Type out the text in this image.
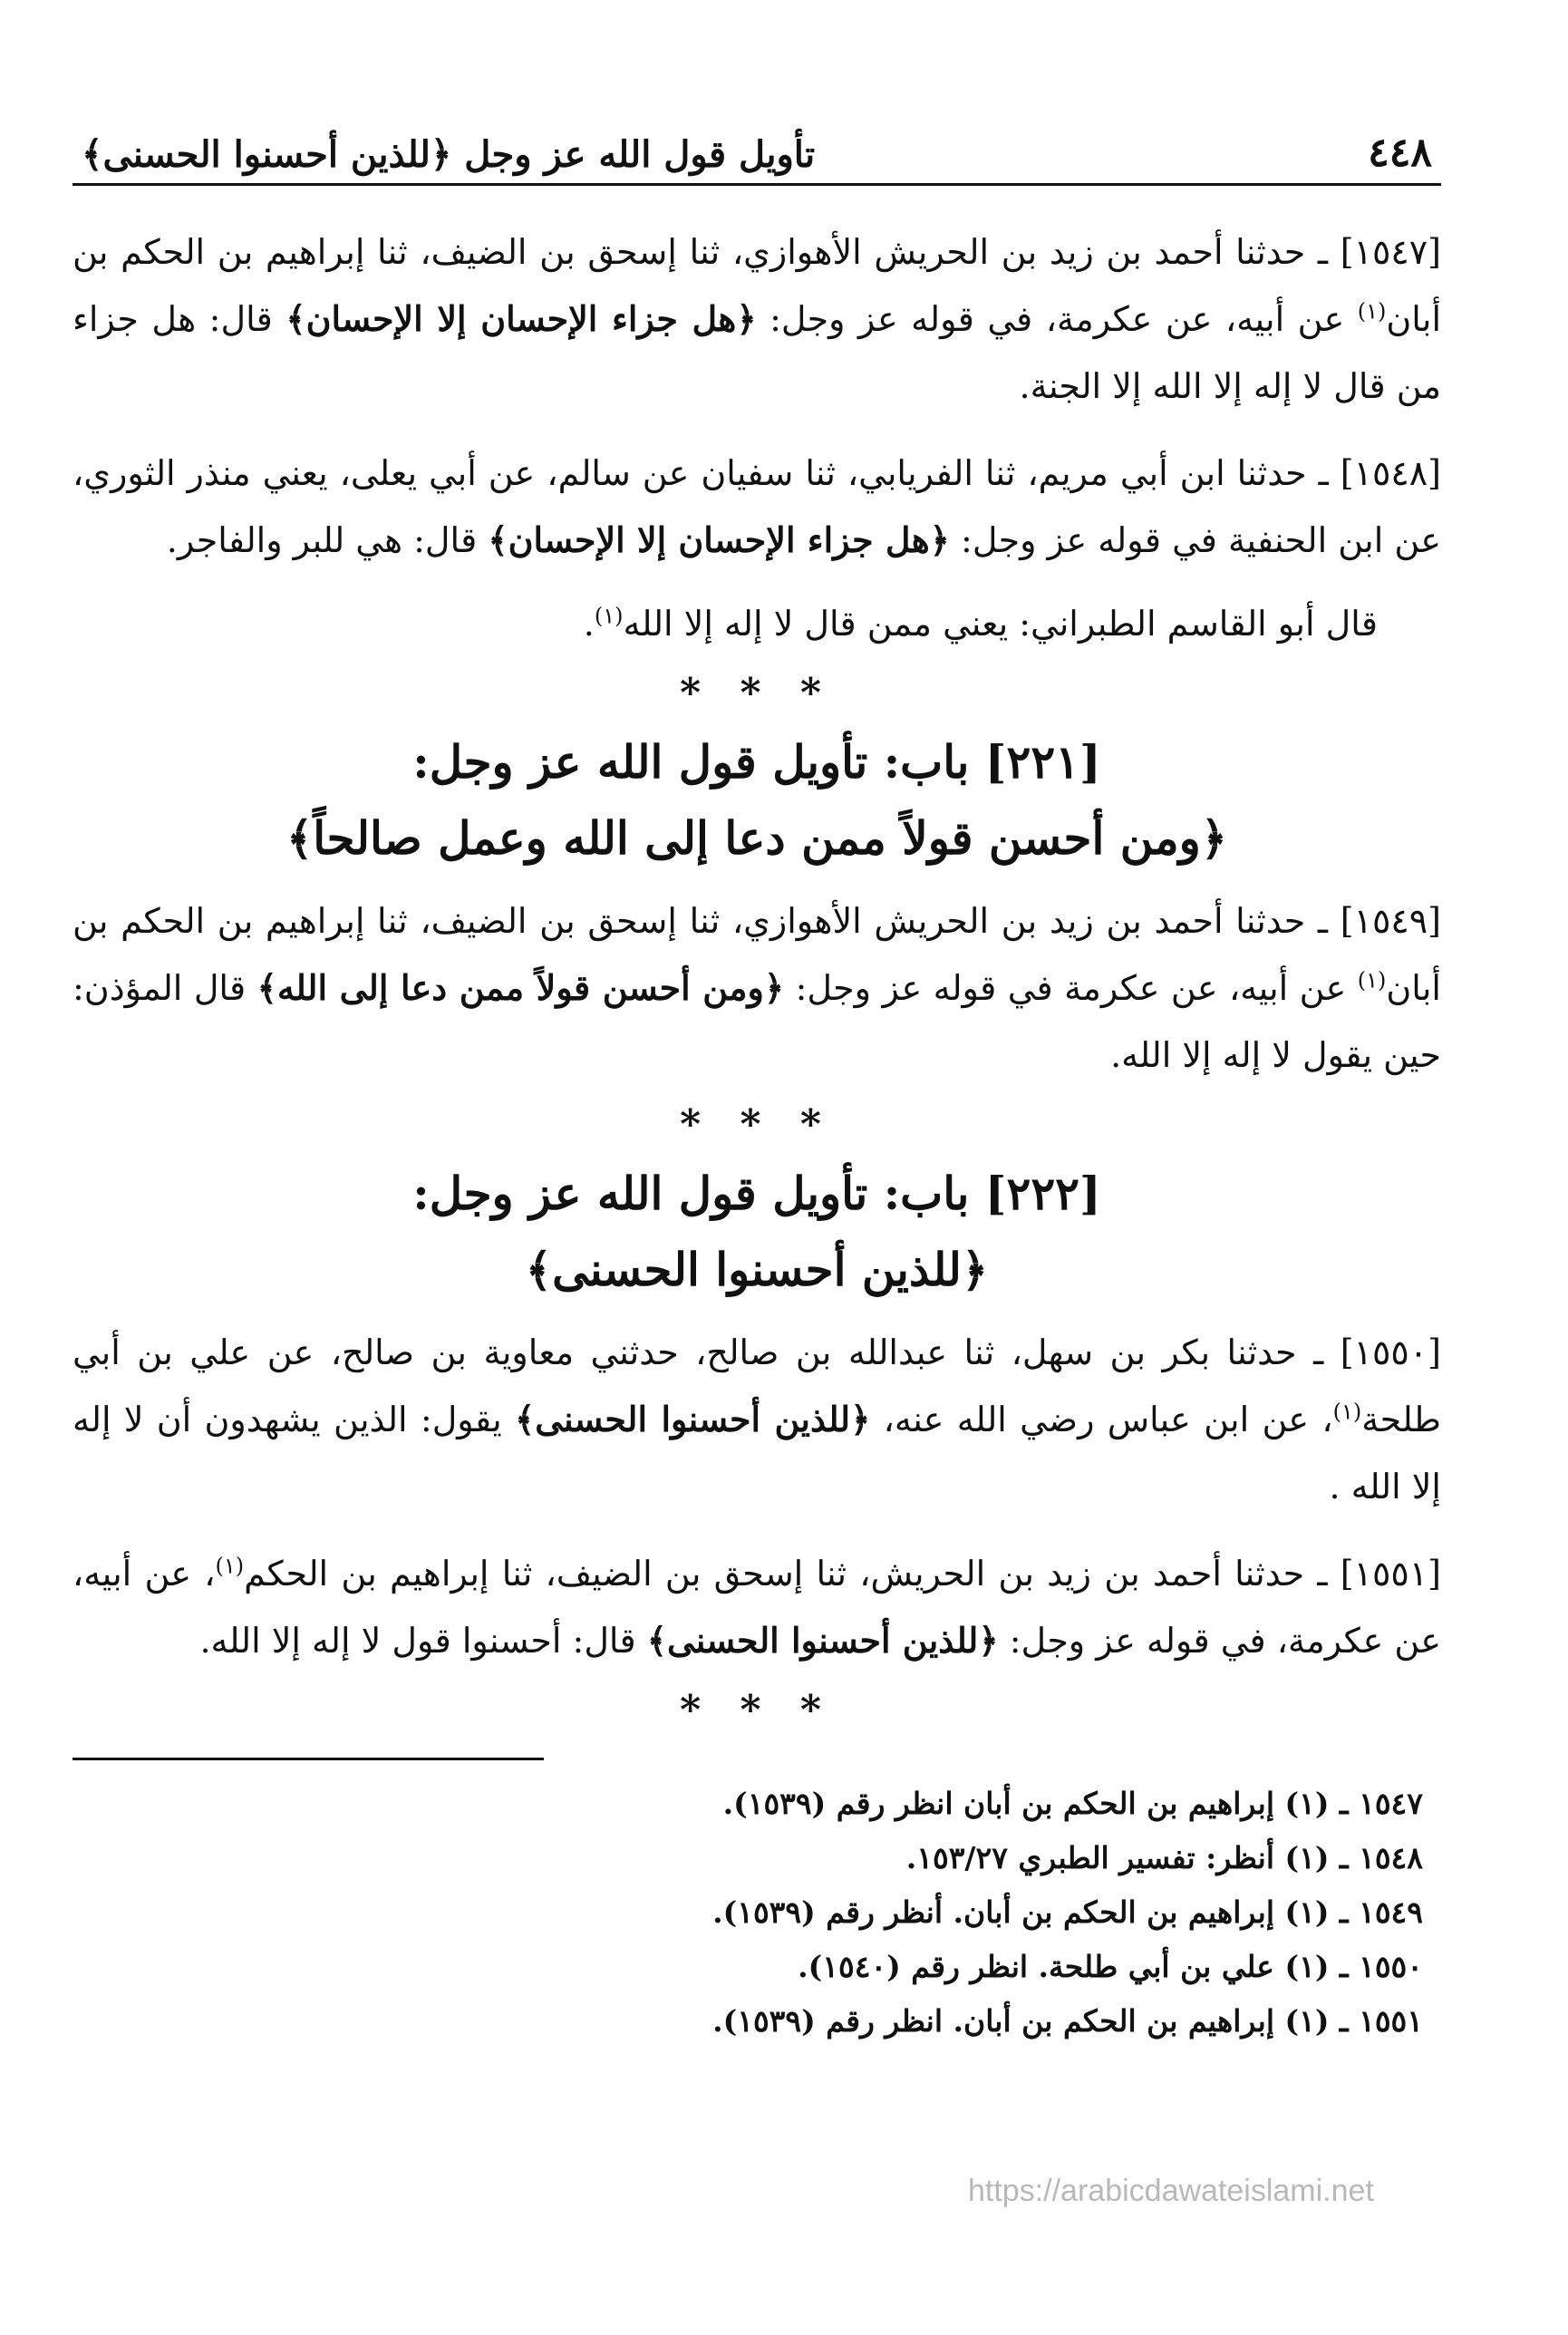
٤٤٨
تأويل قول الله عز وجل ﴿للذين أحسنوا الحسنى﴾

[١٥٤٧] ـ حدثنا أحمد بن زيد بن الحريش الأهوازي، ثنا إسحق بن الضيف، ثنا إبراهيم بن الحكم بن أبان$^{(١)}$ عن أبيه، عن عكرمة، في قوله عز وجل: ﴿هل جزاء الإحسان إلا الإحسان﴾ قال: هل جزاء من قال لا إله إلا الله إلا الجنة.

[١٥٤٨] ـ حدثنا ابن أبي مريم، ثنا الفريابي، ثنا سفيان عن سالم، عن أبي يعلى، يعني منذر الثوري، عن ابن الحنفية في قوله عز وجل: ﴿هل جزاء الإحسان إلا الإحسان﴾ قال: هي للبر والفاجر.

قال أبو القاسم الطبراني: يعني ممن قال لا إله إلا الله$^{(١)}$.

* * *

[٢٢١] باب: تأويل قول الله عز وجل:

﴿ومن أحسن قولاً ممن دعا إلى الله وعمل صالحاً﴾

[١٥٤٩] ـ حدثنا أحمد بن زيد بن الحريش الأهوازي، ثنا إسحق بن الضيف، ثنا إبراهيم بن الحكم بن أبان$^{(١)}$ عن أبيه، عن عكرمة في قوله عز وجل: ﴿ومن أحسن قولاً ممن دعا إلى الله﴾ قال المؤذن: حين يقول لا إله إلا الله.

* * *

[٢٢٢] باب: تأويل قول الله عز وجل:

﴿للذين أحسنوا الحسنى﴾

[١٥٥٠] ـ حدثنا بكر بن سهل، ثنا عبدالله بن صالح، حدثني معاوية بن صالح، عن علي بن أبي طلحة$^{(١)}$، عن ابن عباس رضي الله عنه، ﴿للذين أحسنوا الحسنى﴾ يقول: الذين يشهدون أن لا إله إلا الله .

[١٥٥١] ـ حدثنا أحمد بن زيد بن الحريش، ثنا إسحق بن الضيف، ثنا إبراهيم بن الحكم$^{(١)}$، عن أبيه، عن عكرمة، في قوله عز وجل: ﴿للذين أحسنوا الحسنى﴾ قال: أحسنوا قول لا إله إلا الله.

* * *
١٥٤٧ ـ (١) إبراهيم بن الحكم بن أبان انظر رقم (١٥٣٩).
١٥٤٨ ـ (١) أنظر: تفسير الطبري ١٥٣/٢٧.
١٥٤٩ ـ (١) إبراهيم بن الحكم بن أبان. أنظر رقم (١٥٣٩).
١٥٥٠ ـ (١) علي بن أبي طلحة. انظر رقم (١٥٤٠).
١٥٥١ ـ (١) إبراهيم بن الحكم بن أبان. انظر رقم (١٥٣٩).
https://arabicdawateislami.net
